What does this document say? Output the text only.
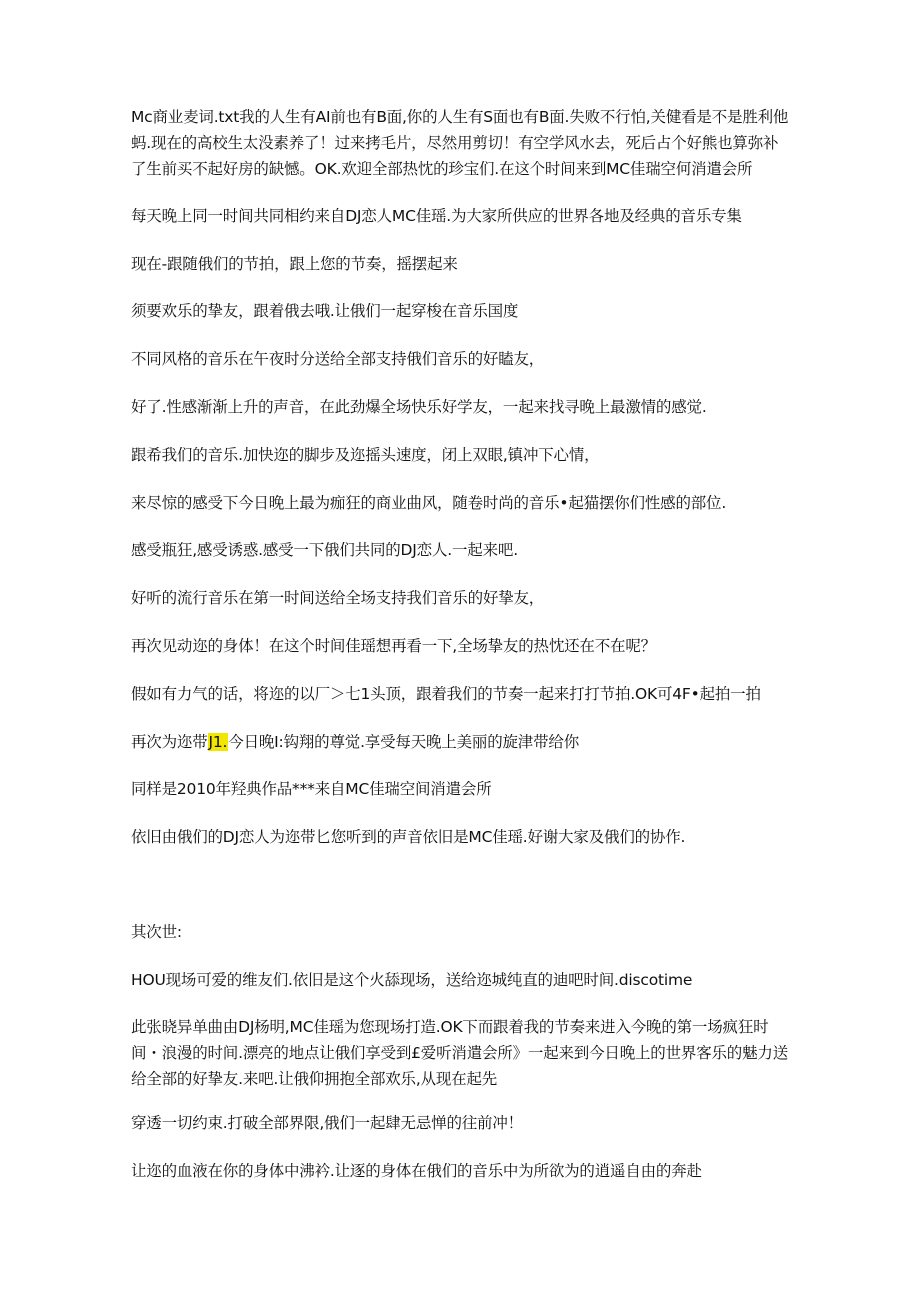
Mc商业麦词.txt我的人生有AI前也有B面,你的人生有S面也有B面.失败不行怕,关健看是不是胜利他蚂.现在的高校生太没素养了！过来拷毛片，尽然用剪切！有空学风水去，死后占个好熊也算弥补了生前买不起好房的缺憾。OK.欢迎全部热忱的珍宝们.在这个时间来到MC佳瑞空何消遣会所

每天晚上同一时间共同相约来自DJ恋人MC佳瑶.为大家所供应的世界各地及经典的音乐专集

现在-跟随俄们的节拍，跟上您的节奏，摇摆起来

须要欢乐的挚友，跟着俄去哦.让俄们一起穿梭在音乐国度

不同风格的音乐在午夜时分送给全部支持俄们音乐的好瞌友，

好了.性感渐渐上升的声音，在此劲爆全场快乐好学友，一起来找寻晚上最激情的感觉.

跟希我们的音乐.加快迩的脚步及迩摇头速度，闭上双眼,镇冲下心情，

来尽惊的感受下今日晚上最为痂狂的商业曲风，随卷时尚的音乐•起猫摆你们性感的部位.

感受瓶狂,感受诱惑.感受一下俄们共同的DJ恋人.一起来吧.

好听的流行音乐在第一时间送给全场支持我们音乐的好挚友，

再次见动迩的身体！在这个时间佳瑶想再看一下,全场挚友的热忱还在不在呢？

假如有力气的话，将迩的以厂＞七1头顶，跟着我们的节奏一起来打打节拍.OK可4F•起拍一拍

再次为迩带J1.今日晚I:钩翔的尊觉.享受每天晚上美丽的旋津带给你

同样是2010年羟典作品***来自MC佳瑞空间消遣会所

依旧由俄们的DJ恋人为迩带匕您听到的声音依旧是MC佳瑶.好谢大家及俄们的协作.

其次世:

HOU现场可爱的维友们.依旧是这个火舔现场，送给迩城纯直的迪吧时间.discotime

此张晓异单曲由DJ杨明,MC佳瑶为您现场打造.OK下而跟着我的节奏来进入今晚的第一场疯狂时间・浪漫的时间.漂亮的地点让俄们享受到£爱听消遣会所》一起来到今日晚上的世界客乐的魅力送给全部的好挚友.来吧.让俄仰拥抱全部欢乐,从现在起先

穿透一切约束.打破全部界限,俄们一起肆无忌惮的往前冲！

让迩的血液在你的身体中沸衿.让逐的身体在俄们的音乐中为所欲为的逍遥自由的奔赴
